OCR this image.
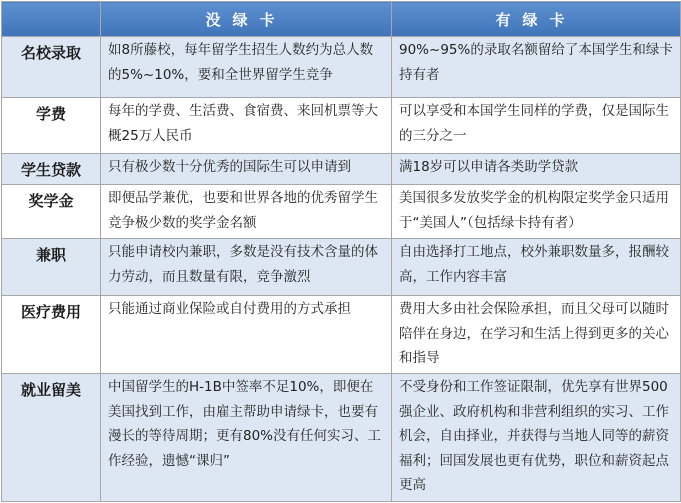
	没绿卡	有绿卡
名校录取	如8所藤校，每年留学生招生人数约为总人数的5%~10%，要和全世界留学生竞争	90%~95%的录取名额留给了本国学生和绿卡持有者
学费	每年的学费、生活费、食宿费、来回机票等大概25万人民币	可以享受和本国学生同样的学费，仅是国际生的三分之一
学生贷款	只有极少数十分优秀的国际生可以申请到	满18岁可以申请各类助学贷款
奖学金	即便品学兼优，也要和世界各地的优秀留学生竞争极少数的奖学金名额	美国很多发放奖学金的机构限定奖学金只适用于“美国人”（包括绿卡持有者）
兼职	只能申请校内兼职，多数是没有技术含量的体力劳动，而且数量有限，竞争激烈	自由选择打工地点，校外兼职数量多，报酬较高，工作内容丰富
医疗费用	只能通过商业保险或自付费用的方式承担	费用大多由社会保险承担，而且父母可以随时陪伴在身边，在学习和生活上得到更多的关心和指导
就业留美	中国留学生的H-1B中签率不足10%，即便在美国找到工作，由雇主帮助申请绿卡，也要有漫长的等待周期；更有80%没有任何实习、工作经验，遗憾“课归”	不受身份和工作签证限制，优先享有世界500强企业、政府机构和非营利组织的实习、工作机会，自由择业，并获得与当地人同等的薪资福利；回国发展也更有优势，职位和薪资起点更高
